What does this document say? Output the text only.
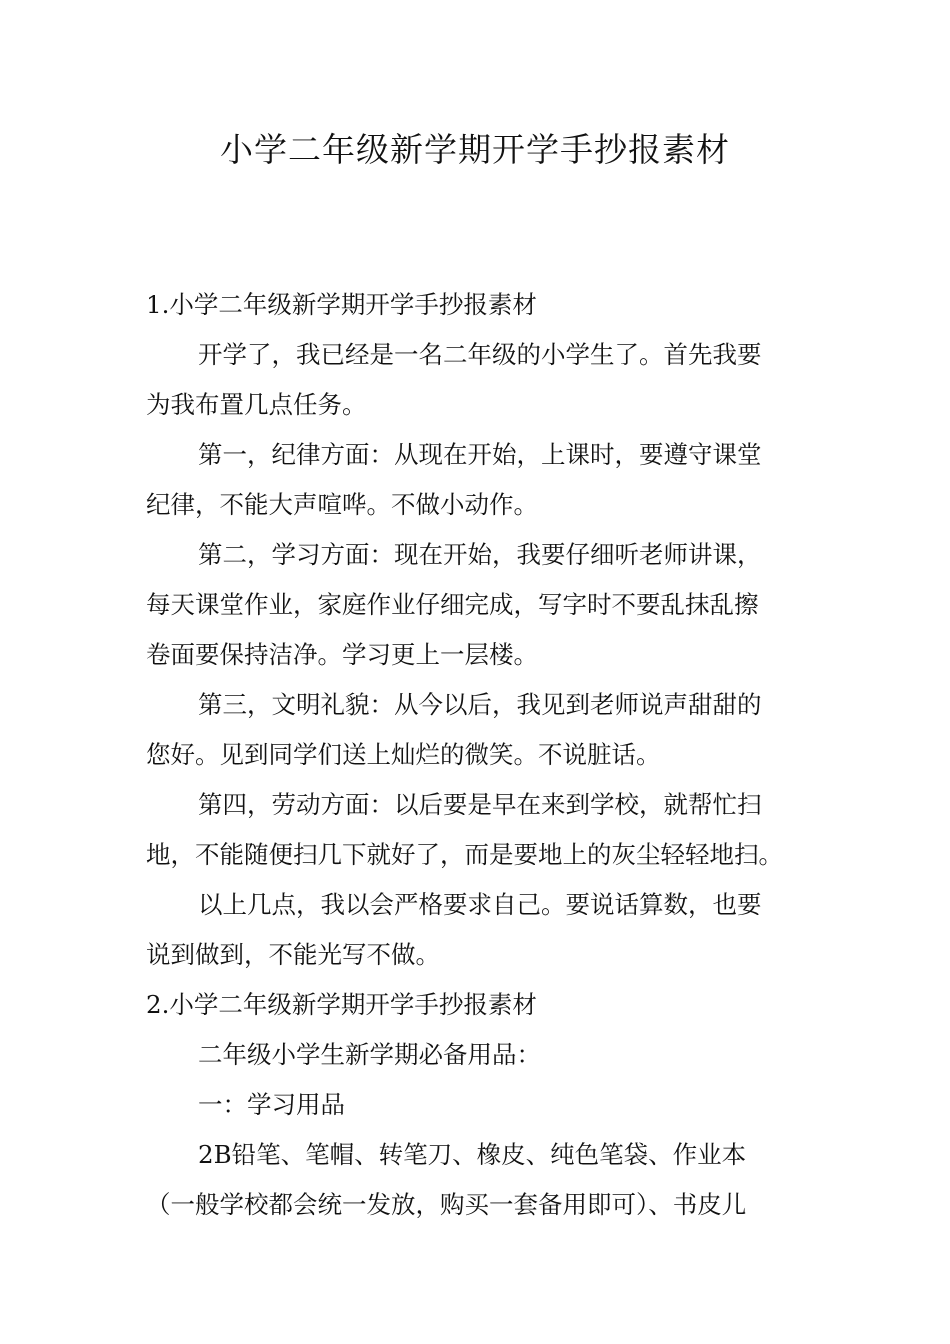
小学二年级新学期开学手抄报素材
1.小学二年级新学期开学手抄报素材
开学了，我已经是一名二年级的小学生了。首先我要
为我布置几点任务。
第一，纪律方面：从现在开始，上课时，要遵守课堂
纪律，不能大声喧哗。不做小动作。
第二，学习方面：现在开始，我要仔细听老师讲课，
每天课堂作业，家庭作业仔细完成，写字时不要乱抹乱擦
卷面要保持洁净。学习更上一层楼。
第三，文明礼貌：从今以后，我见到老师说声甜甜的
您好。见到同学们送上灿烂的微笑。不说脏话。
第四，劳动方面：以后要是早在来到学校，就帮忙扫
地，不能随便扫几下就好了，而是要地上的灰尘轻轻地扫。
以上几点，我以会严格要求自己。要说话算数，也要
说到做到，不能光写不做。
2.小学二年级新学期开学手抄报素材
二年级小学生新学期必备用品：
一：学习用品
2B铅笔、笔帽、转笔刀、橡皮、纯色笔袋、作业本
（一般学校都会统一发放，购买一套备用即可）、书皮儿
